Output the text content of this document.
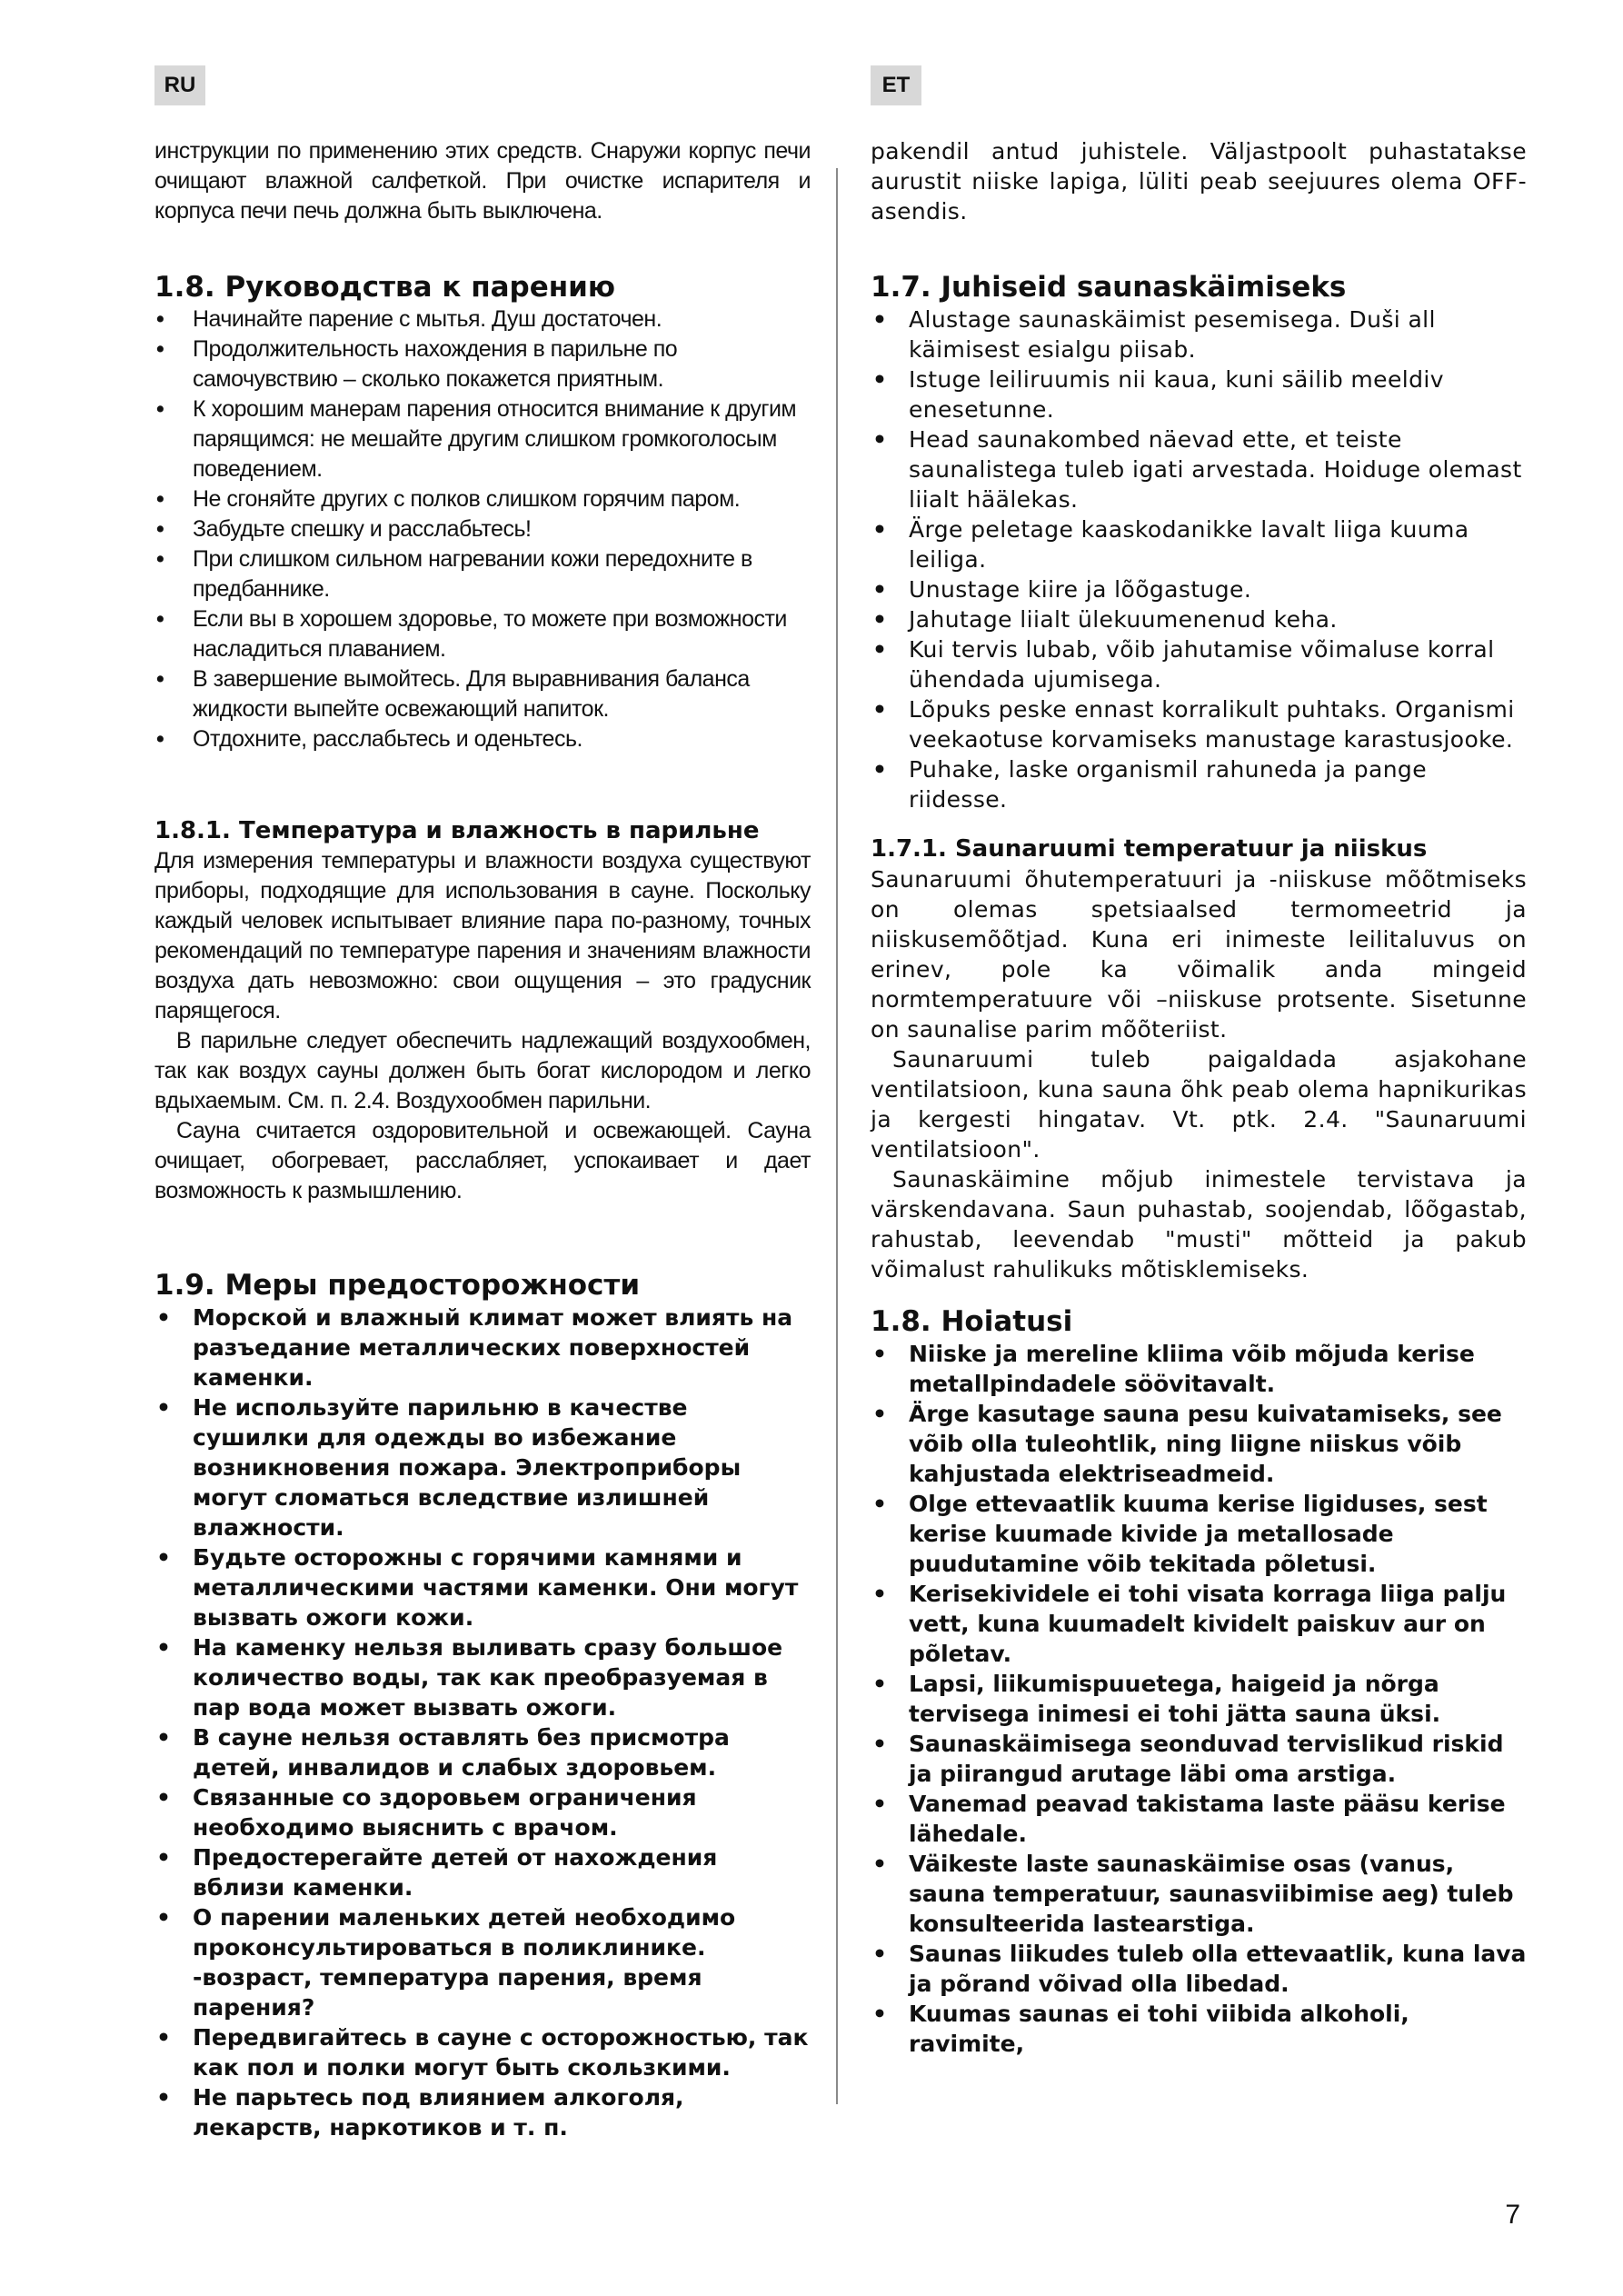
RU	ET

инструкции по применению этих средств. Снаружи корпус печи очищают влажной салфеткой. При очистке испарителя и корпуса печи печь должна быть выключена.

1.8. Руководства к парению
• Начинайте парение с мытья. Душ достаточен.
• Продолжительность нахождения в парильне по самочувствию – сколько покажется приятным.
• К хорошим манерам парения относится внимание к другим парящимся: не мешайте другим слишком громкоголосым поведением.
• Не сгоняйте других с полков слишком горячим паром.
• Забудьте спешку и расслабьтесь!
• При слишком сильном нагревании кожи передохните в предбаннике.
• Если вы в хорошем здоровье, то можете при возможности насладиться плаванием.
• В завершение вымойтесь. Для выравнивания баланса жидкости выпейте освежающий напиток.
• Отдохните, расслабьтесь и оденьтесь.
1.8.1. Температура и влажность в парильне

Для измерения температуры и влажности воздуха существуют приборы, подходящие для использования в сауне. Поскольку каждый человек испытывает влияние пара по-разному, точных рекомендаций по температуре парения и значениям влажности воздуха дать невозможно: свои ощущения – это градусник парящегося.

В парильне следует обеспечить надлежащий воздухообмен, так как воздух сауны должен быть богат кислородом и легко вдыхаемым. См. п. 2.4. Воздухообмен парильни.

Сауна считается оздоровительной и освежающей. Сауна очищает, обогревает, расслабляет, успокаивает и дает возможность к размышлению.

1.9. Меры предосторожности
• Морской и влажный климат может влиять на разъедание металлических поверхностей каменки.
• Не используйте парильню в качестве сушилки для одежды во избежание возникновения пожара. Электроприборы могут сломаться вследствие излишней влажности.
• Будьте осторожны с горячими камнями и металлическими частями каменки. Они могут вызвать ожоги кожи.
• На каменку нельзя выливать сразу большое количество воды, так как преобразуемая в пар вода может вызвать ожоги.
• В сауне нельзя оставлять без присмотра детей, инвалидов и слабых здоровьем.
• Связанные со здоровьем ограничения необходимо выяснить с врачом.
• Предостерегайте детей от нахождения вблизи каменки.
• О парении маленьких детей необходимо проконсультироваться в поликлинике. -возраст, температура парения, время парения?
• Передвигайтесь в сауне с осторожностью, так как пол и полки могут быть скользкими.
• Не парьтесь под влиянием алкоголя, лекарств, наркотиков и т. п.

pakendil antud juhistele. Väljastpoolt puhastatakse aurustit niiske lapiga, lüliti peab seejuures olema OFF-asendis.

1.7. Juhiseid saunaskäimiseks
• Alustage saunaskäimist pesemisega. Duši all käimisest esialgu piisab.
• Istuge leiliruumis nii kaua, kuni säilib meeldiv enesetunne.
• Head saunakombed näevad ette, et teiste saunalistega tuleb igati arvestada. Hoiduge olemast liialt häälekas.
• Ärge peletage kaaskodanikke lavalt liiga kuuma leiliga.
• Unustage kiire ja lõõgastuge.
• Jahutage liialt ülekuumenenud keha.
• Kui tervis lubab, võib jahutamise võimaluse korral ühendada ujumisega.
• Lõpuks peske ennast korralikult puhtaks. Organismi veekaotuse korvamiseks manustage karastusjooke.
• Puhake, laske organismil rahuneda ja pange riidesse.
1.7.1. Saunaruumi temperatuur ja niiskus

Saunaruumi õhutemperatuuri ja -niiskuse mõõtmiseks on olemas spetsiaalsed termomeetrid ja niiskusemõõtjad. Kuna eri inimeste leilitaluvus on erinev, pole ka võimalik anda mingeid normtemperatuure või –niiskuse protsente. Sisetunne on saunalise parim mõõteriist.

Saunaruumi tuleb paigaldada asjakohane ventilatsioon, kuna sauna õhk peab olema hapnikurikas ja kergesti hingatav. Vt. ptk. 2.4. "Saunaruumi ventilatsioon".

Saunaskäimine mõjub inimestele tervistava ja värskendavana. Saun puhastab, soojendab, lõõgastab, rahustab, leevendab "musti" mõtteid ja pakub võimalust rahulikuks mõtisklemiseks.

1.8. Hoiatusi
• Niiske ja mereline kliima võib mõjuda kerise metallpindadele söövitavalt.
• Ärge kasutage sauna pesu kuivatamiseks, see võib olla tuleohtlik, ning liigne niiskus võib kahjustada elektriseadmeid.
• Olge ettevaatlik kuuma kerise ligiduses, sest kerise kuumade kivide ja metallosade puudutamine võib tekitada põletusi.
• Kerisekividele ei tohi visata korraga liiga palju vett, kuna kuumadelt kividelt paiskuv aur on põletav.
• Lapsi, liikumispuuetega, haigeid ja nõrga tervisega inimesi ei tohi jätta sauna üksi.
• Saunaskäimisega seonduvad tervislikud riskid ja piirangud arutage läbi oma arstiga.
• Vanemad peavad takistama laste pääsu kerise lähedale.
• Väikeste laste saunaskäimise osas (vanus, sauna temperatuur, saunasviibimise aeg) tuleb konsulteerida lastearstiga.
• Saunas liikudes tuleb olla ettevaatlik, kuna lava ja põrand võivad olla libedad.
• Kuumas saunas ei tohi viibida alkoholi, ravimite,
7
